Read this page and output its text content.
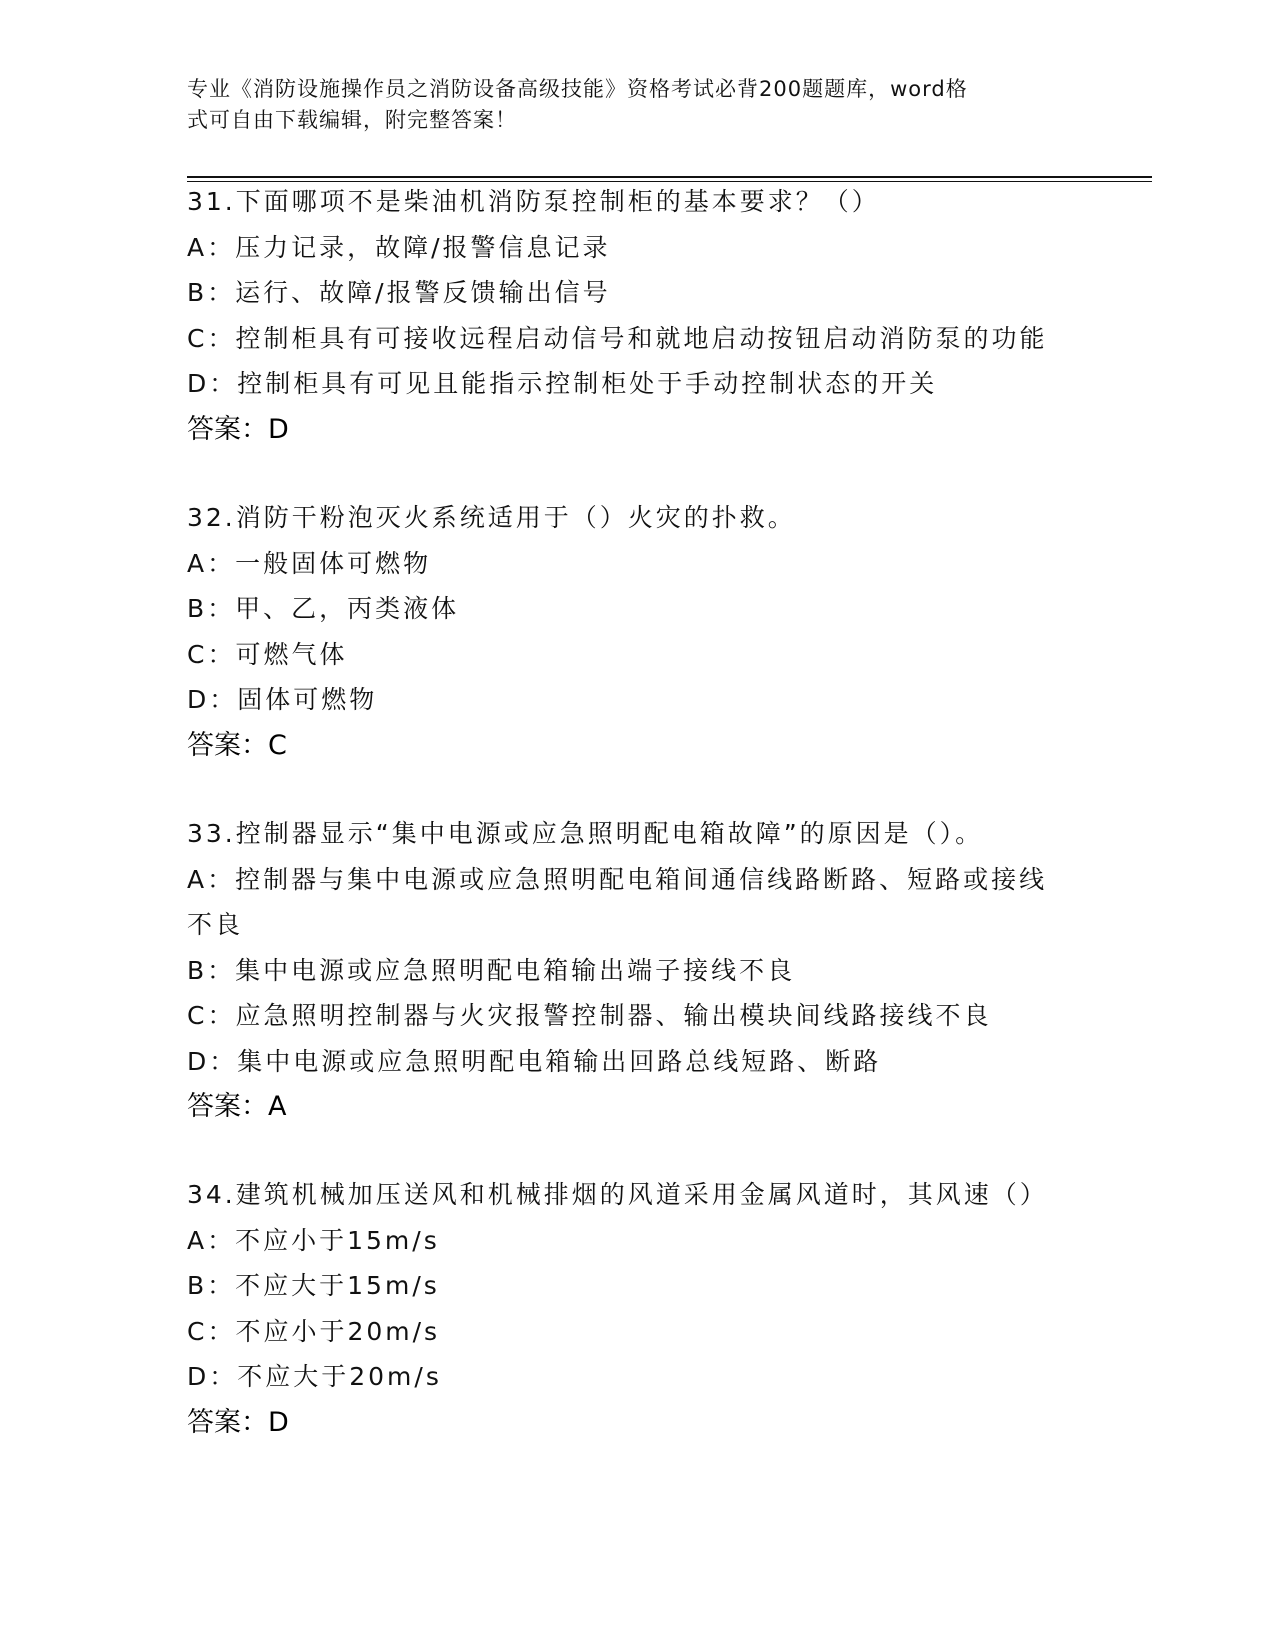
专业《消防设施操作员之消防设备高级技能》资格考试必背200题题库，word格
式可自由下载编辑，附完整答案！
31.下面哪项不是柴油机消防泵控制柜的基本要求？（）
A：压力记录，故障/报警信息记录
B：运行、故障/报警反馈输出信号
C：控制柜具有可接收远程启动信号和就地启动按钮启动消防泵的功能
D：控制柜具有可见且能指示控制柜处于手动控制状态的开关
答案：D
32.消防干粉泡灭火系统适用于（）火灾的扑救。
A：一般固体可燃物
B：甲、乙，丙类液体
C：可燃气体
D：固体可燃物
答案：C
33.控制器显示“集中电源或应急照明配电箱故障”的原因是（）。
A：控制器与集中电源或应急照明配电箱间通信线路断路、短路或接线
不良
B：集中电源或应急照明配电箱输出端子接线不良
C：应急照明控制器与火灾报警控制器、输出模块间线路接线不良
D：集中电源或应急照明配电箱输出回路总线短路、断路
答案：A
34.建筑机械加压送风和机械排烟的风道采用金属风道时，其风速（）
A：不应小于15m/s
B：不应大于15m/s
C：不应小于20m/s
D：不应大于20m/s
答案：D
